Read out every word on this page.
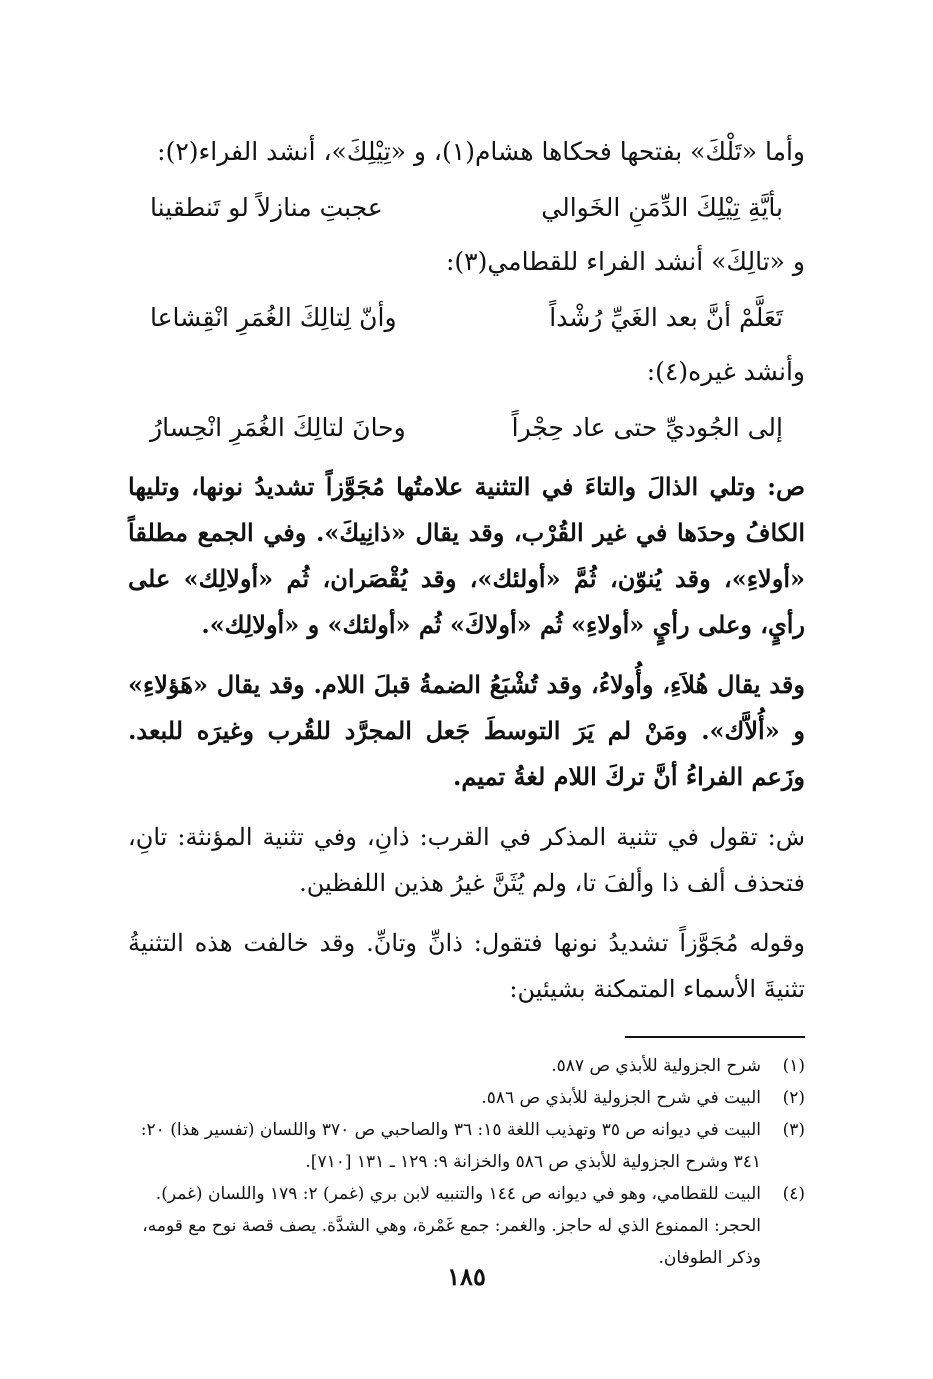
وأما «تَلْكَ» بفتحها فحكاها هشام(١)، و «تِيْلِكَ»، أنشد الفراء(٢):

بأيَّةِ تِيْلِكَ الدِّمَنِ الخَوالي
عجبتِ منازلاً لو تَنطقينا

و «تالِكَ» أنشد الفراء للقطامي(٣):

تَعَلَّمْ أنَّ بعد الغَيِّ رُشْداً
وأنّ لِتالِكَ الغُمَرِ انْقِشاعا

وأنشد غيره(٤):

إلى الجُوديِّ حتى عاد حِجْراً
وحانَ لتالِكَ الغُمَرِ انْحِسارُ

ص: وتلي الذالَ والتاءَ في التثنية علامتُها مُجَوَّزاً تشديدُ نونها، وتليها الكافُ وحدَها في غير القُرْب، وقد يقال «ذانِيكَ». وفي الجمع مطلقاً «أولاءِ»، وقد يُنوّن، ثُمَّ «أولئك»، وقد يُقْصَران، ثُم «أولالِك» على رأيٍ، وعلى رأيٍ «أولاءِ» ثُم «أولاكَ» ثُم «أولئك» و «أولالِك».

وقد يقال هُلاَءِ، وأُولاءُ، وقد تُشْبَعُ الضمةُ قبلَ اللام. وقد يقال «هَؤلاءِ» و «أُلاَّك». ومَنْ لم يَرَ التوسطَ جَعل المجرَّد للقُرب وغيرَه للبعد. وزَعم الفراءُ أنَّ تركَ اللام لغةُ تميم.

ش: تقول في تثنية المذكر في القرب: ذانِ، وفي تثنية المؤنثة: تانِ، فتحذف ألف ذا وألفَ تا، ولم يُثَنَّ غيرُ هذين اللفظين.

وقوله مُجَوَّزاً تشديدُ نونها فتقول: ذانِّ وتانِّ. وقد خالفت هذه التثنيةُ تثنيةَ الأسماء المتمكنة بشيئين:

(١)
شرح الجزولية للأبذي ص ٥٨٧.
(٢)
البيت في شرح الجزولية للأبذي ص ٥٨٦.
(٣)
البيت في ديوانه ص ٣٥ وتهذيب اللغة ١٥: ٣٦ والصاحبي ص ٣٧٠ واللسان (تفسير هذا) ٢٠: ٣٤١ وشرح الجزولية للأبذي ص ٥٨٦ والخزانة ٩: ١٢٩ ـ ١٣١ [٧١٠].
(٤)
البيت للقطامي، وهو في ديوانه ص ١٤٤ والتنبيه لابن بري (غمر) ٢: ١٧٩ واللسان (غمر). الحجر: الممنوع الذي له حاجز. والغمر: جمع غَمْرة، وهي الشدَّة. يصف قصة نوح مع قومه، وذكر الطوفان.
١٨٥
